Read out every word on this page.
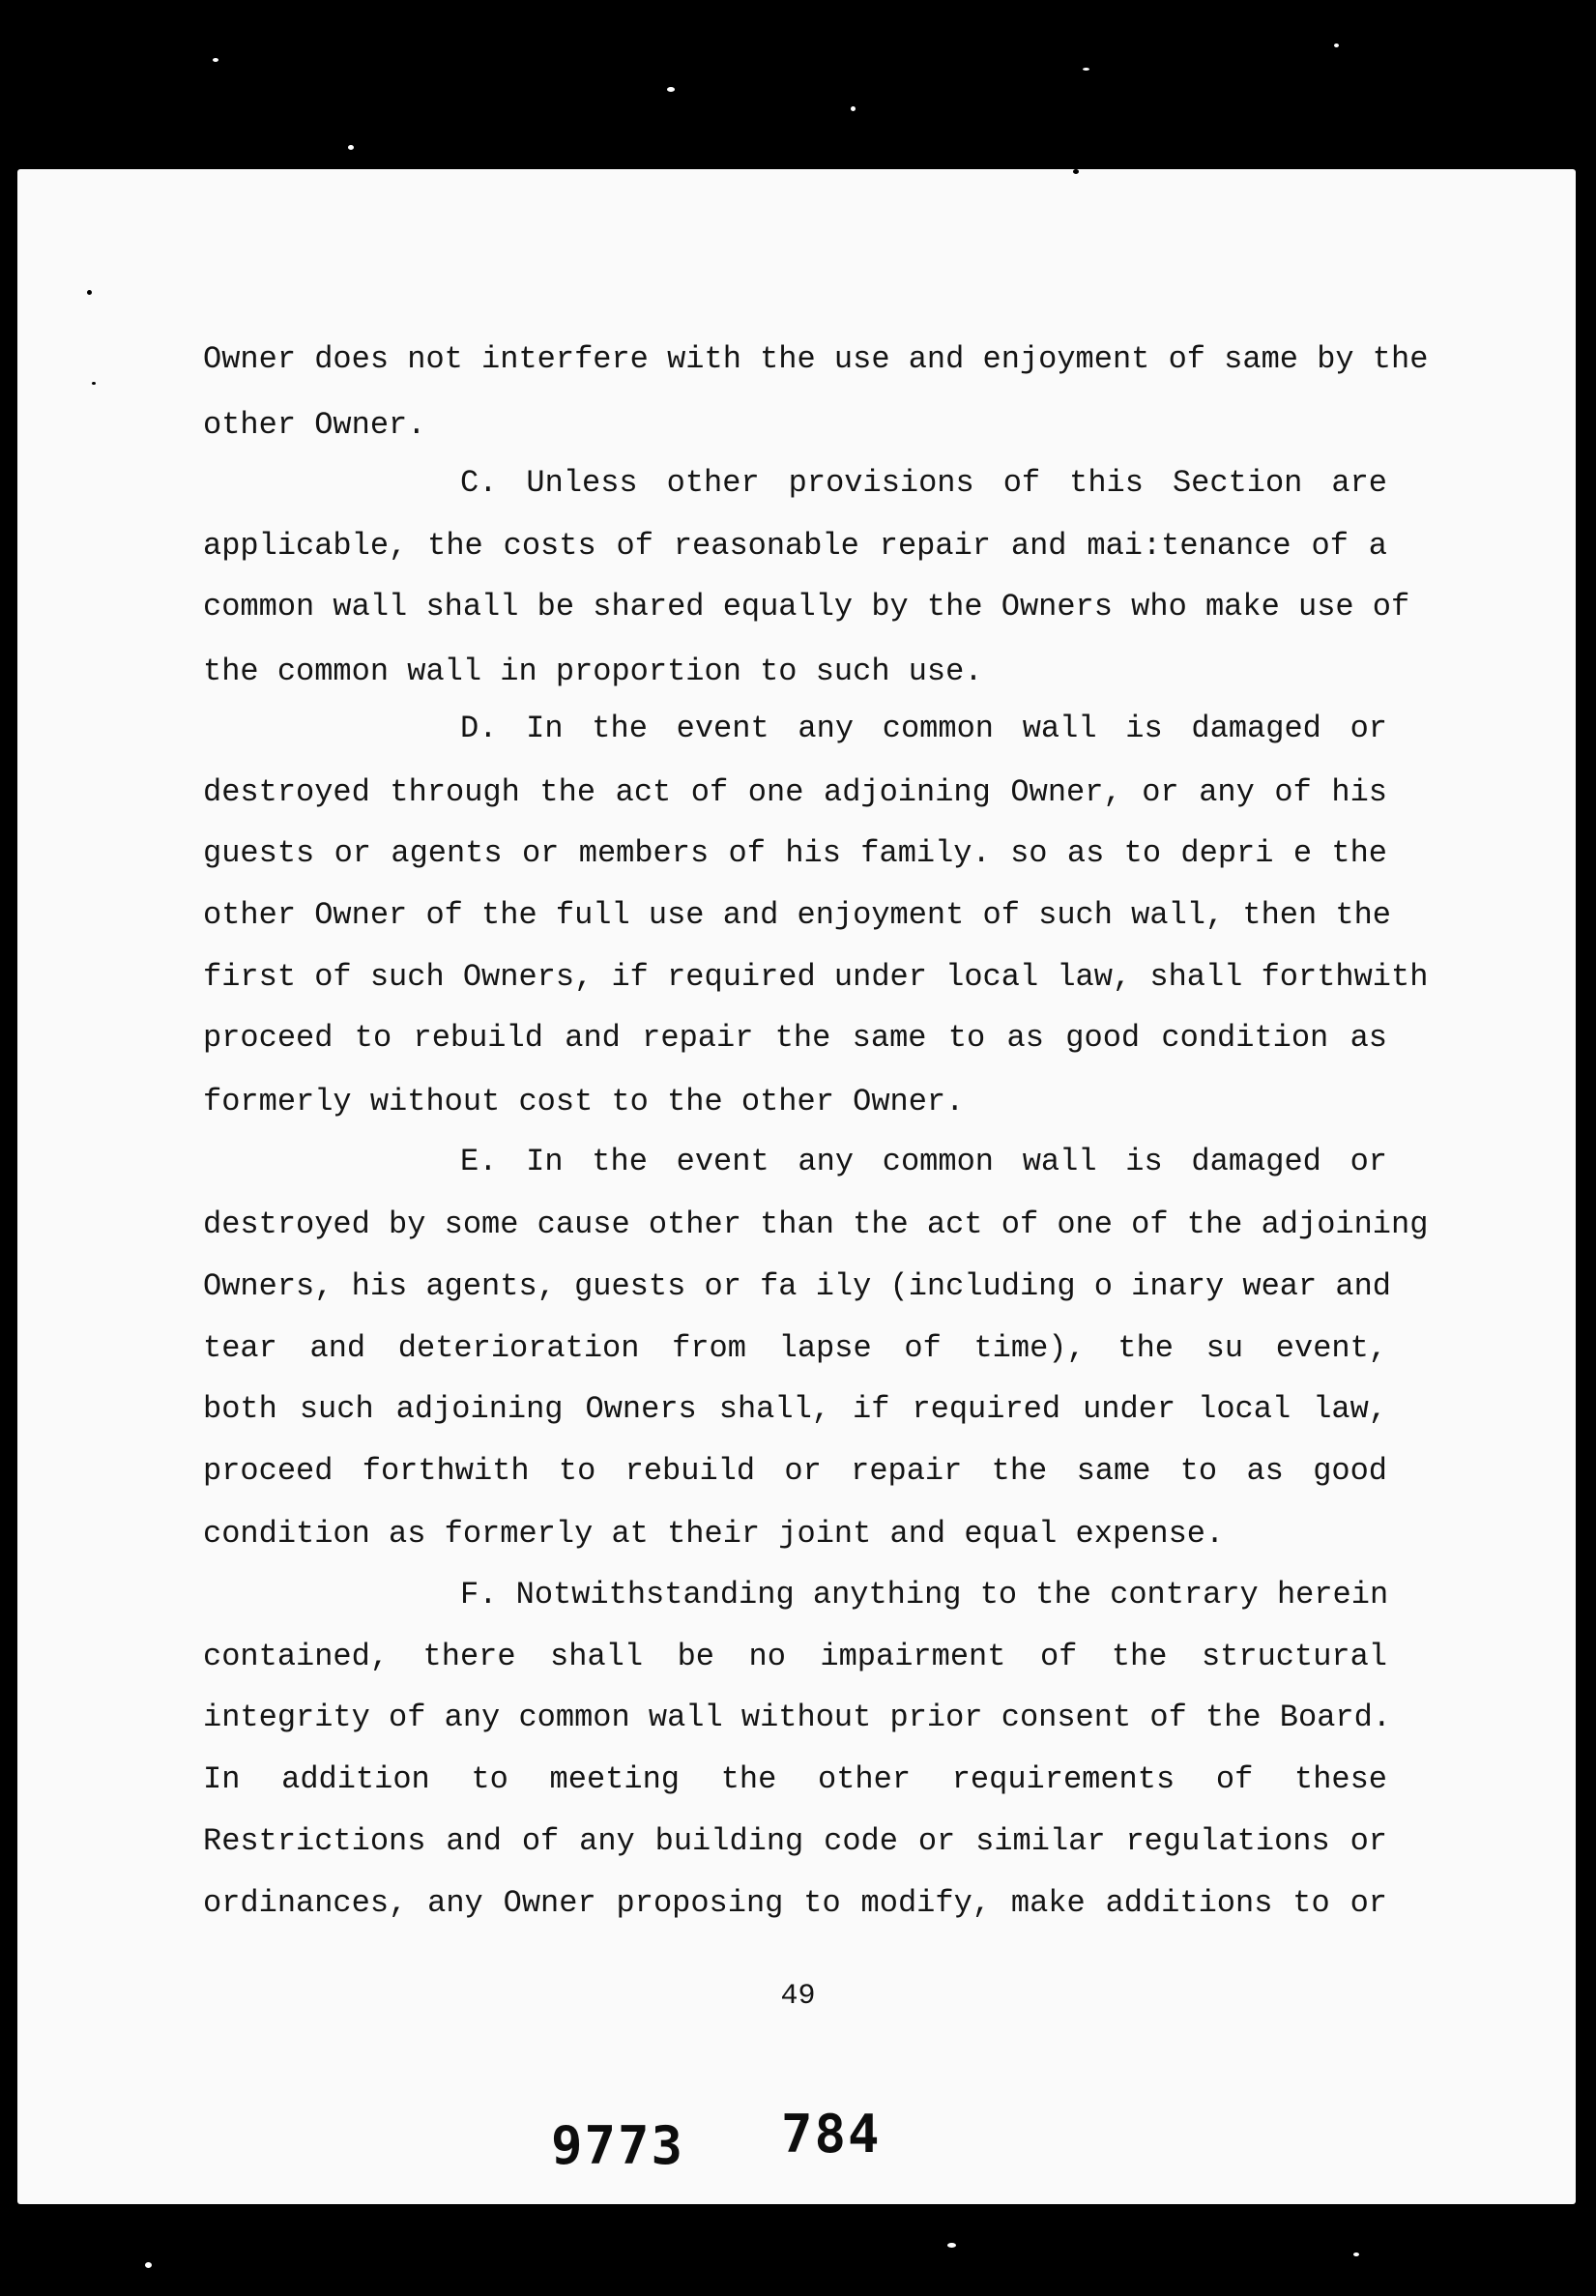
Owner does not interfere with the use and enjoyment of same by the
other Owner.
C. Unless other provisions of this Section are
applicable, the costs of reasonable repair and mai:tenance of a
common wall shall be shared equally by the Owners who make use of
the common wall in proportion to such use.
D. In the event any common wall is damaged or
destroyed through the act of one adjoining Owner, or any of his
guests or agents or members of his family. so as to depri e the
other Owner of the full use and enjoyment of such wall, then the
first of such Owners, if required under local law, shall forthwith
proceed to rebuild and repair the same to as good condition as
formerly without cost to the other Owner.
E. In the event any common wall is damaged or
destroyed by some cause other than the act of one of the adjoining
Owners, his agents, guests or fa ily (including o inary wear and
tear and deterioration from lapse of time), the su event,
both such adjoining Owners shall, if required under local law,
proceed forthwith to rebuild or repair the same to as good
condition as formerly at their joint and equal expense.
F. Notwithstanding anything to the contrary herein
contained, there shall be no impairment of the structural
integrity of any common wall without prior consent of the Board.
In addition to meeting the other requirements of these
Restrictions and of any building code or similar regulations or
ordinances, any Owner proposing to modify, make additions to or
49
9773 784
